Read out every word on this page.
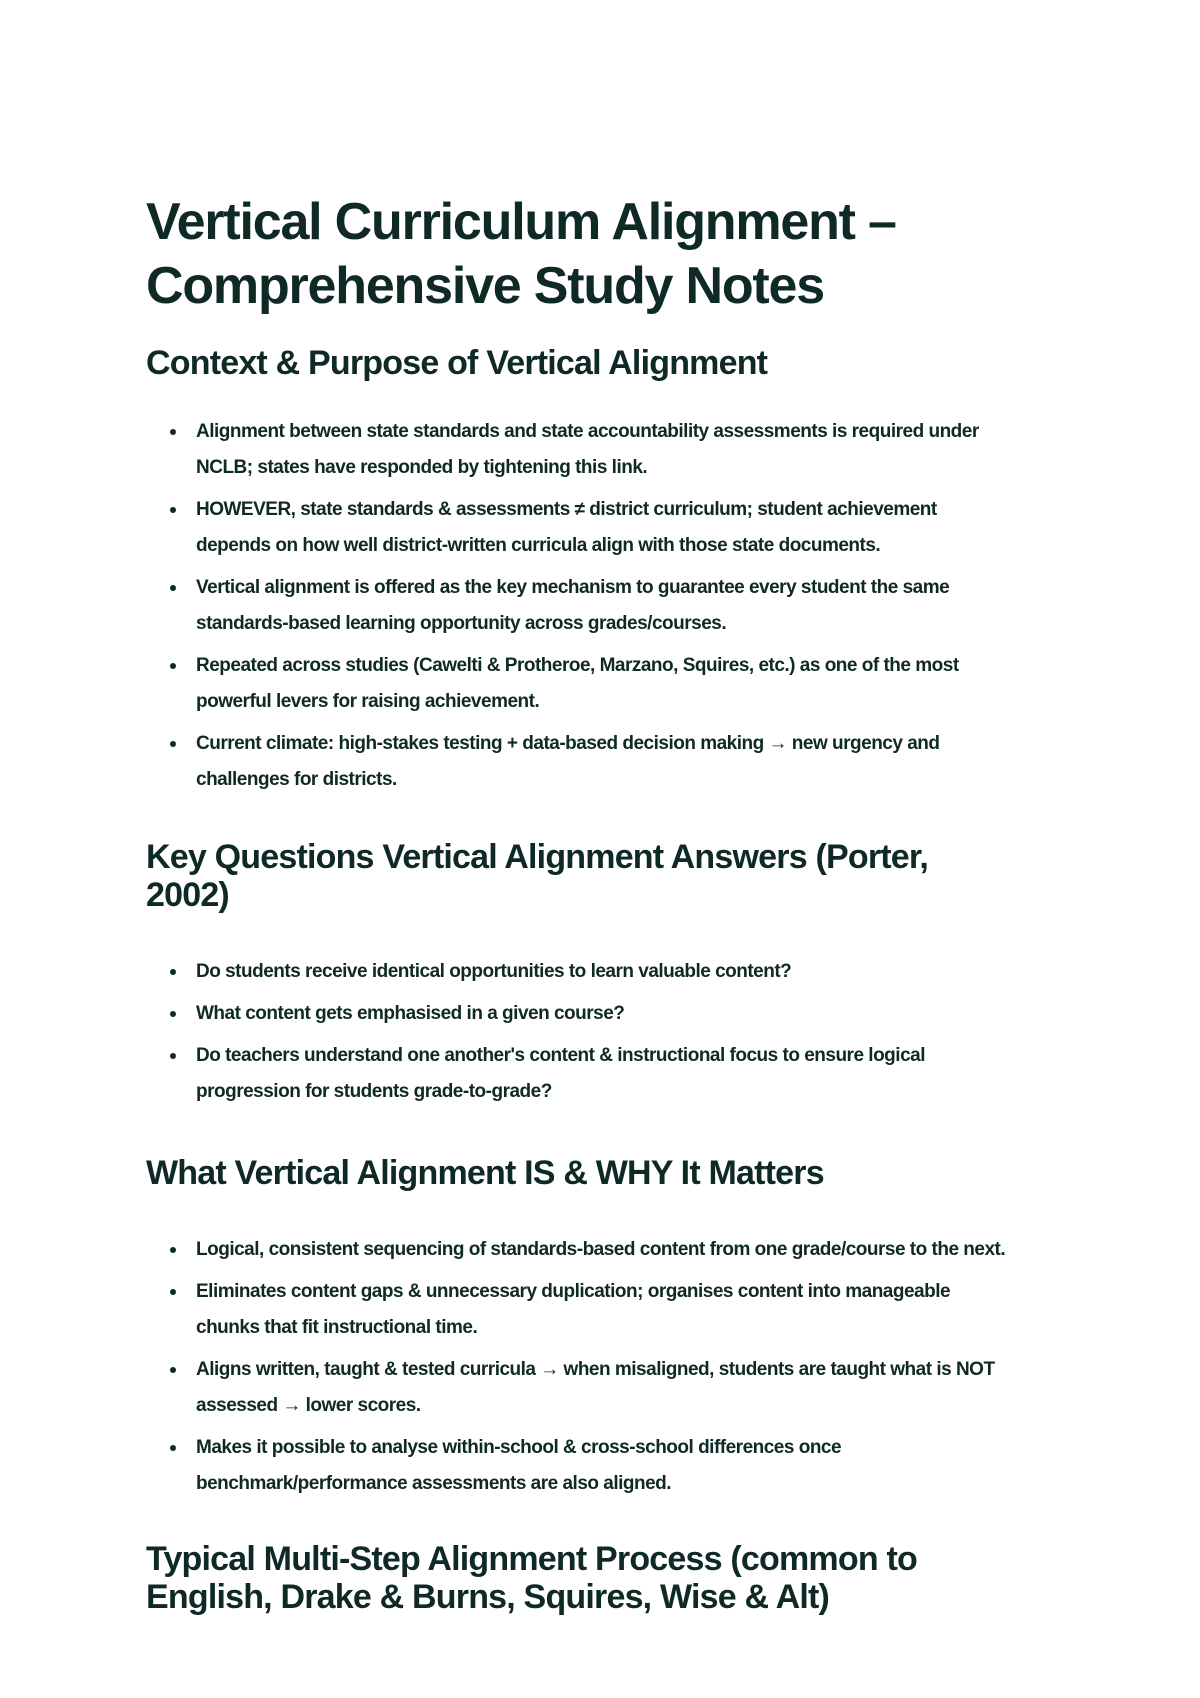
Vertical Curriculum Alignment – Comprehensive Study Notes
Context & Purpose of Vertical Alignment
Alignment between state standards and state accountability assessments is required under NCLB; states have responded by tightening this link.
HOWEVER, state standards & assessments ≠ district curriculum; student achievement depends on how well district-written curricula align with those state documents.
Vertical alignment is offered as the key mechanism to guarantee every student the same standards-based learning opportunity across grades/courses.
Repeated across studies (Cawelti & Protheroe, Marzano, Squires, etc.) as one of the most powerful levers for raising achievement.
Current climate: high-stakes testing + data-based decision making → new urgency and challenges for districts.
Key Questions Vertical Alignment Answers (Porter, 2002)
Do students receive identical opportunities to learn valuable content?
What content gets emphasised in a given course?
Do teachers understand one another's content & instructional focus to ensure logical progression for students grade-to-grade?
What Vertical Alignment IS & WHY It Matters
Logical, consistent sequencing of standards-based content from one grade/course to the next.
Eliminates content gaps & unnecessary duplication; organises content into manageable chunks that fit instructional time.
Aligns written, taught & tested curricula → when misaligned, students are taught what is NOT assessed → lower scores.
Makes it possible to analyse within-school & cross-school differences once benchmark/performance assessments are also aligned.
Typical Multi-Step Alignment Process (common to English, Drake & Burns, Squires, Wise & Alt)
